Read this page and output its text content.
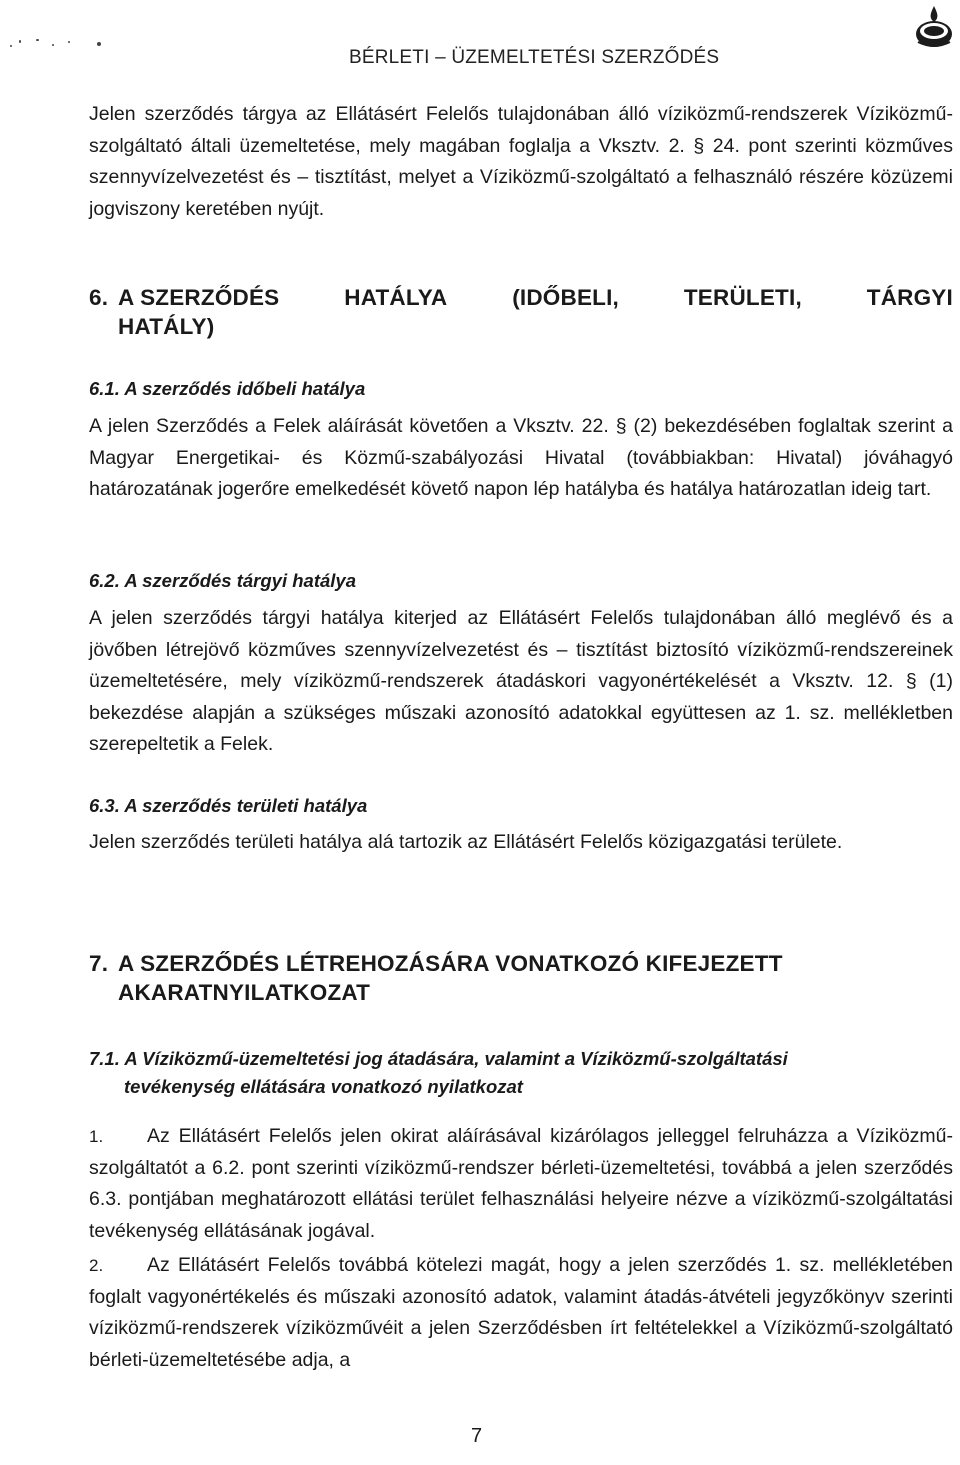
BÉRLETI – ÜZEMELTETÉSI SZERZŐDÉS

Jelen szerződés tárgya az Ellátásért Felelős tulajdonában álló víziközmű-rendszerek Víziközmű-szolgáltató általi üzemeltetése, mely magában foglalja a Vksztv. 2. § 24. pont szerinti közműves szennyvízelvezetést és – tisztítást, melyet a Víziközmű-szolgáltató a felhasználó részére közüzemi jogviszony keretében nyújt.

6. A SZERZŐDÉS	HATÁLYA	(IDŐBELI,	TERÜLETI,	TÁRGYI
HATÁLY)
6.1. A szerződés időbeli hatálya

A jelen Szerződés a Felek aláírását követően a Vksztv. 22. § (2) bekezdésében foglaltak szerint a Magyar Energetikai- és Közmű-szabályozási Hivatal (továbbiakban: Hivatal) jóváhagyó határozatának jogerőre emelkedését követő napon lép hatályba és hatálya határozatlan ideig tart.

6.2. A szerződés tárgyi hatálya

A jelen szerződés tárgyi hatálya kiterjed az Ellátásért Felelős tulajdonában álló meglévő és a jövőben létrejövő közműves szennyvízelvezetést és – tisztítást biztosító víziközmű-rendszereinek üzemeltetésére, mely víziközmű-rendszerek átadáskori vagyonértékelését a Vksztv. 12. § (1) bekezdése alapján a szükséges műszaki azonosító adatokkal együttesen az 1. sz. mellékletben szerepeltetik a Felek.

6.3. A szerződés területi hatálya

Jelen szerződés területi hatálya alá tartozik az Ellátásért Felelős közigazgatási területe.

7. A SZERZŐDÉS LÉTREHOZÁSÁRA VONATKOZÓ KIFEJEZETT
AKARATNYILATKOZAT
7.1. A Víziközmű-üzemeltetési jog átadására, valamint a Víziközmű-szolgáltatási
tevékenység ellátására vonatkozó nyilatkozat

1. Az Ellátásért Felelős jelen okirat aláírásával kizárólagos jelleggel felruházza a Víziközmű-szolgáltatót a 6.2. pont szerinti víziközmű-rendszer bérleti-üzemeltetési, továbbá a jelen szerződés 6.3. pontjában meghatározott ellátási terület felhasználási helyeire nézve a víziközmű-szolgáltatási tevékenység ellátásának jogával.

2. Az Ellátásért Felelős továbbá kötelezi magát, hogy a jelen szerződés 1. sz. mellékletében foglalt vagyonértékelés és műszaki azonosító adatok, valamint átadás-átvételi jegyzőkönyv szerinti víziközmű-rendszerek víziközművéit a jelen Szerződésben írt feltételekkel a Víziközmű-szolgáltató bérleti-üzemeltetésébe adja, a

7
